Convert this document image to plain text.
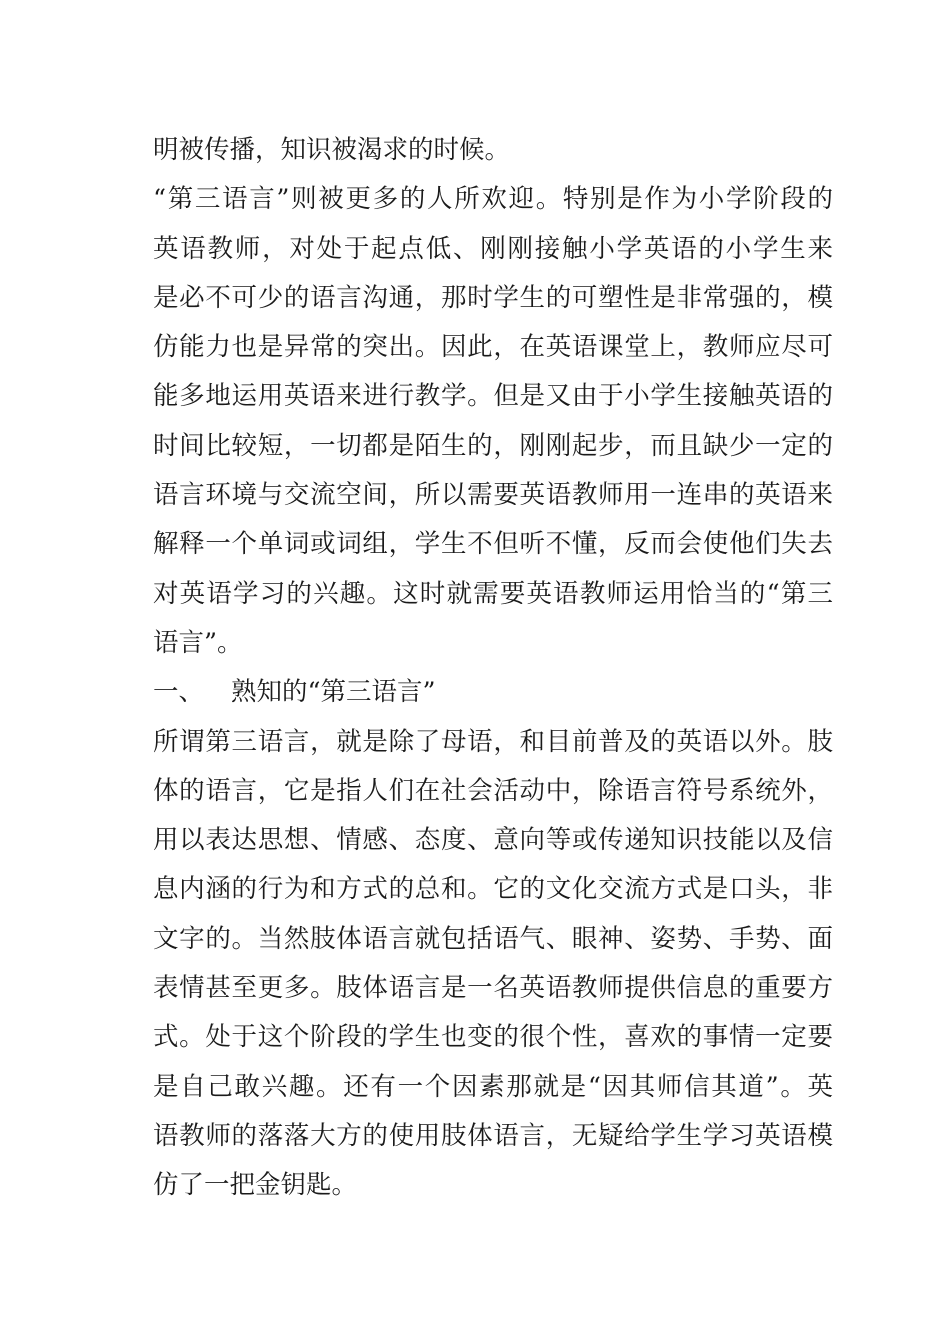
明被传播，知识被渴求的时候。
“第三语言”则被更多的人所欢迎。特别是作为小学阶段的
英语教师，对处于起点低、刚刚接触小学英语的小学生来
是必不可少的语言沟通，那时学生的可塑性是非常强的，模
仿能力也是异常的突出。因此，在英语课堂上，教师应尽可
能多地运用英语来进行教学。但是又由于小学生接触英语的
时间比较短，一切都是陌生的，刚刚起步，而且缺少一定的
语言环境与交流空间，所以需要英语教师用一连串的英语来
解释一个单词或词组，学生不但听不懂，反而会使他们失去
对英语学习的兴趣。这时就需要英语教师运用恰当的“第三
语言”。
一、 熟知的“第三语言”
所谓第三语言，就是除了母语，和目前普及的英语以外。肢
体的语言，它是指人们在社会活动中，除语言符号系统外，
用以表达思想、情感、态度、意向等或传递知识技能以及信
息内涵的行为和方式的总和。它的文化交流方式是口头，非
文字的。当然肢体语言就包括语气、眼神、姿势、手势、面
表情甚至更多。肢体语言是一名英语教师提供信息的重要方
式。处于这个阶段的学生也变的很个性，喜欢的事情一定要
是自己敢兴趣。还有一个因素那就是“因其师信其道”。英
语教师的落落大方的使用肢体语言，无疑给学生学习英语模
仿了一把金钥匙。
